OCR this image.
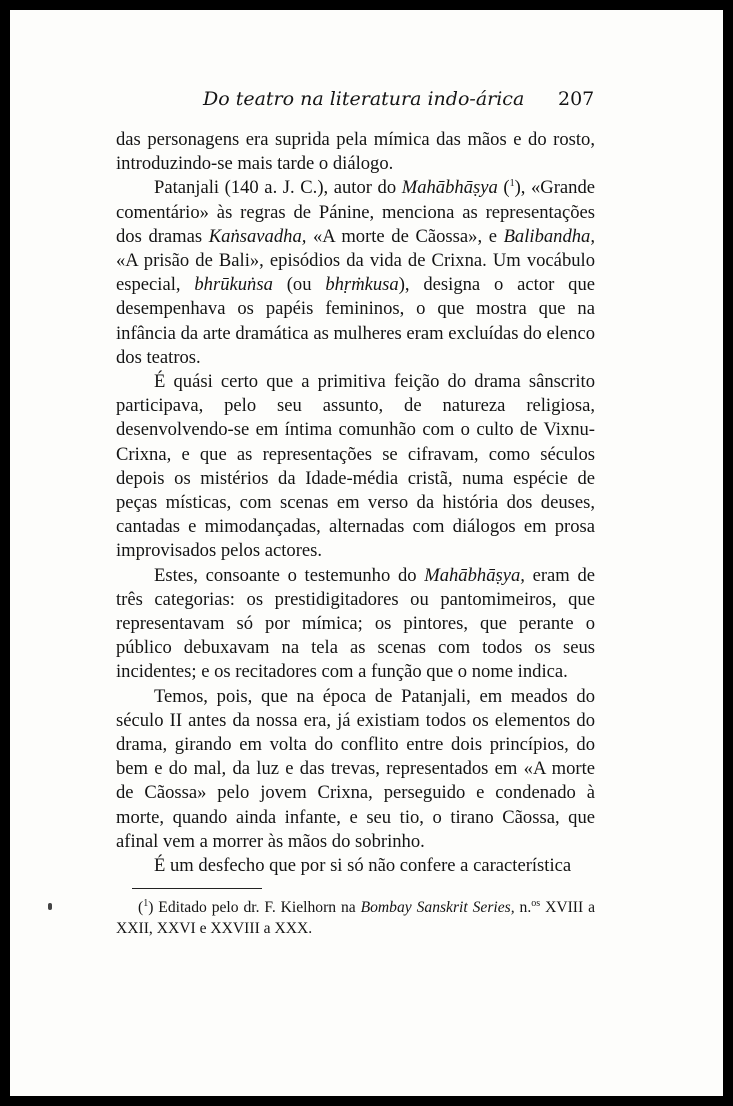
Do teatro na literatura indo-árica 207

das personagens era suprida pela mímica das mãos e do rosto, introduzindo-se mais tarde o diálogo.

Patanjali (140 a. J. C.), autor do Mahābhāṣya ($^1$), «Grande comentário» às regras de Pánine, menciona as representações dos dramas Kaṅsavadha, «A morte de Cãossa», e Balibandha, «A prisão de Bali», episódios da vida de Crixna. Um vocábulo especial, bhrūkuṅsa (ou bhṛṁkusa), designa o actor que desempenhava os papéis femininos, o que mostra que na infância da arte dramática as mulheres eram excluídas do elenco dos teatros.

É quási certo que a primitiva feição do drama sânscrito participava, pelo seu assunto, de natureza religiosa, desenvolvendo-se em íntima comunhão com o culto de Vixnu-Crixna, e que as representações se cifravam, como séculos depois os mistérios da Idade-média cristã, numa espécie de peças místicas, com scenas em verso da história dos deuses, cantadas e mimodançadas, alternadas com diálogos em prosa improvisados pelos actores.

Estes, consoante o testemunho do Mahābhāṣya, eram de três categorias: os prestidigitadores ou pantomimeiros, que representavam só por mímica; os pintores, que perante o público debuxavam na tela as scenas com todos os seus incidentes; e os recitadores com a função que o nome indica.

Temos, pois, que na época de Patanjali, em meados do século II antes da nossa era, já existiam todos os elementos do drama, girando em volta do conflito entre dois princípios, do bem e do mal, da luz e das trevas, representados em «A morte de Cãossa» pelo jovem Crixna, perseguido e condenado à morte, quando ainda infante, e seu tio, o tirano Cãossa, que afinal vem a morrer às mãos do sobrinho.

É um desfecho que por si só não confere a característica

($^1$) Editado pelo dr. F. Kielhorn na Bombay Sanskrit Series, n.$^{os}$ XVIII a XXII, XXVI e XXVIII a XXX.
